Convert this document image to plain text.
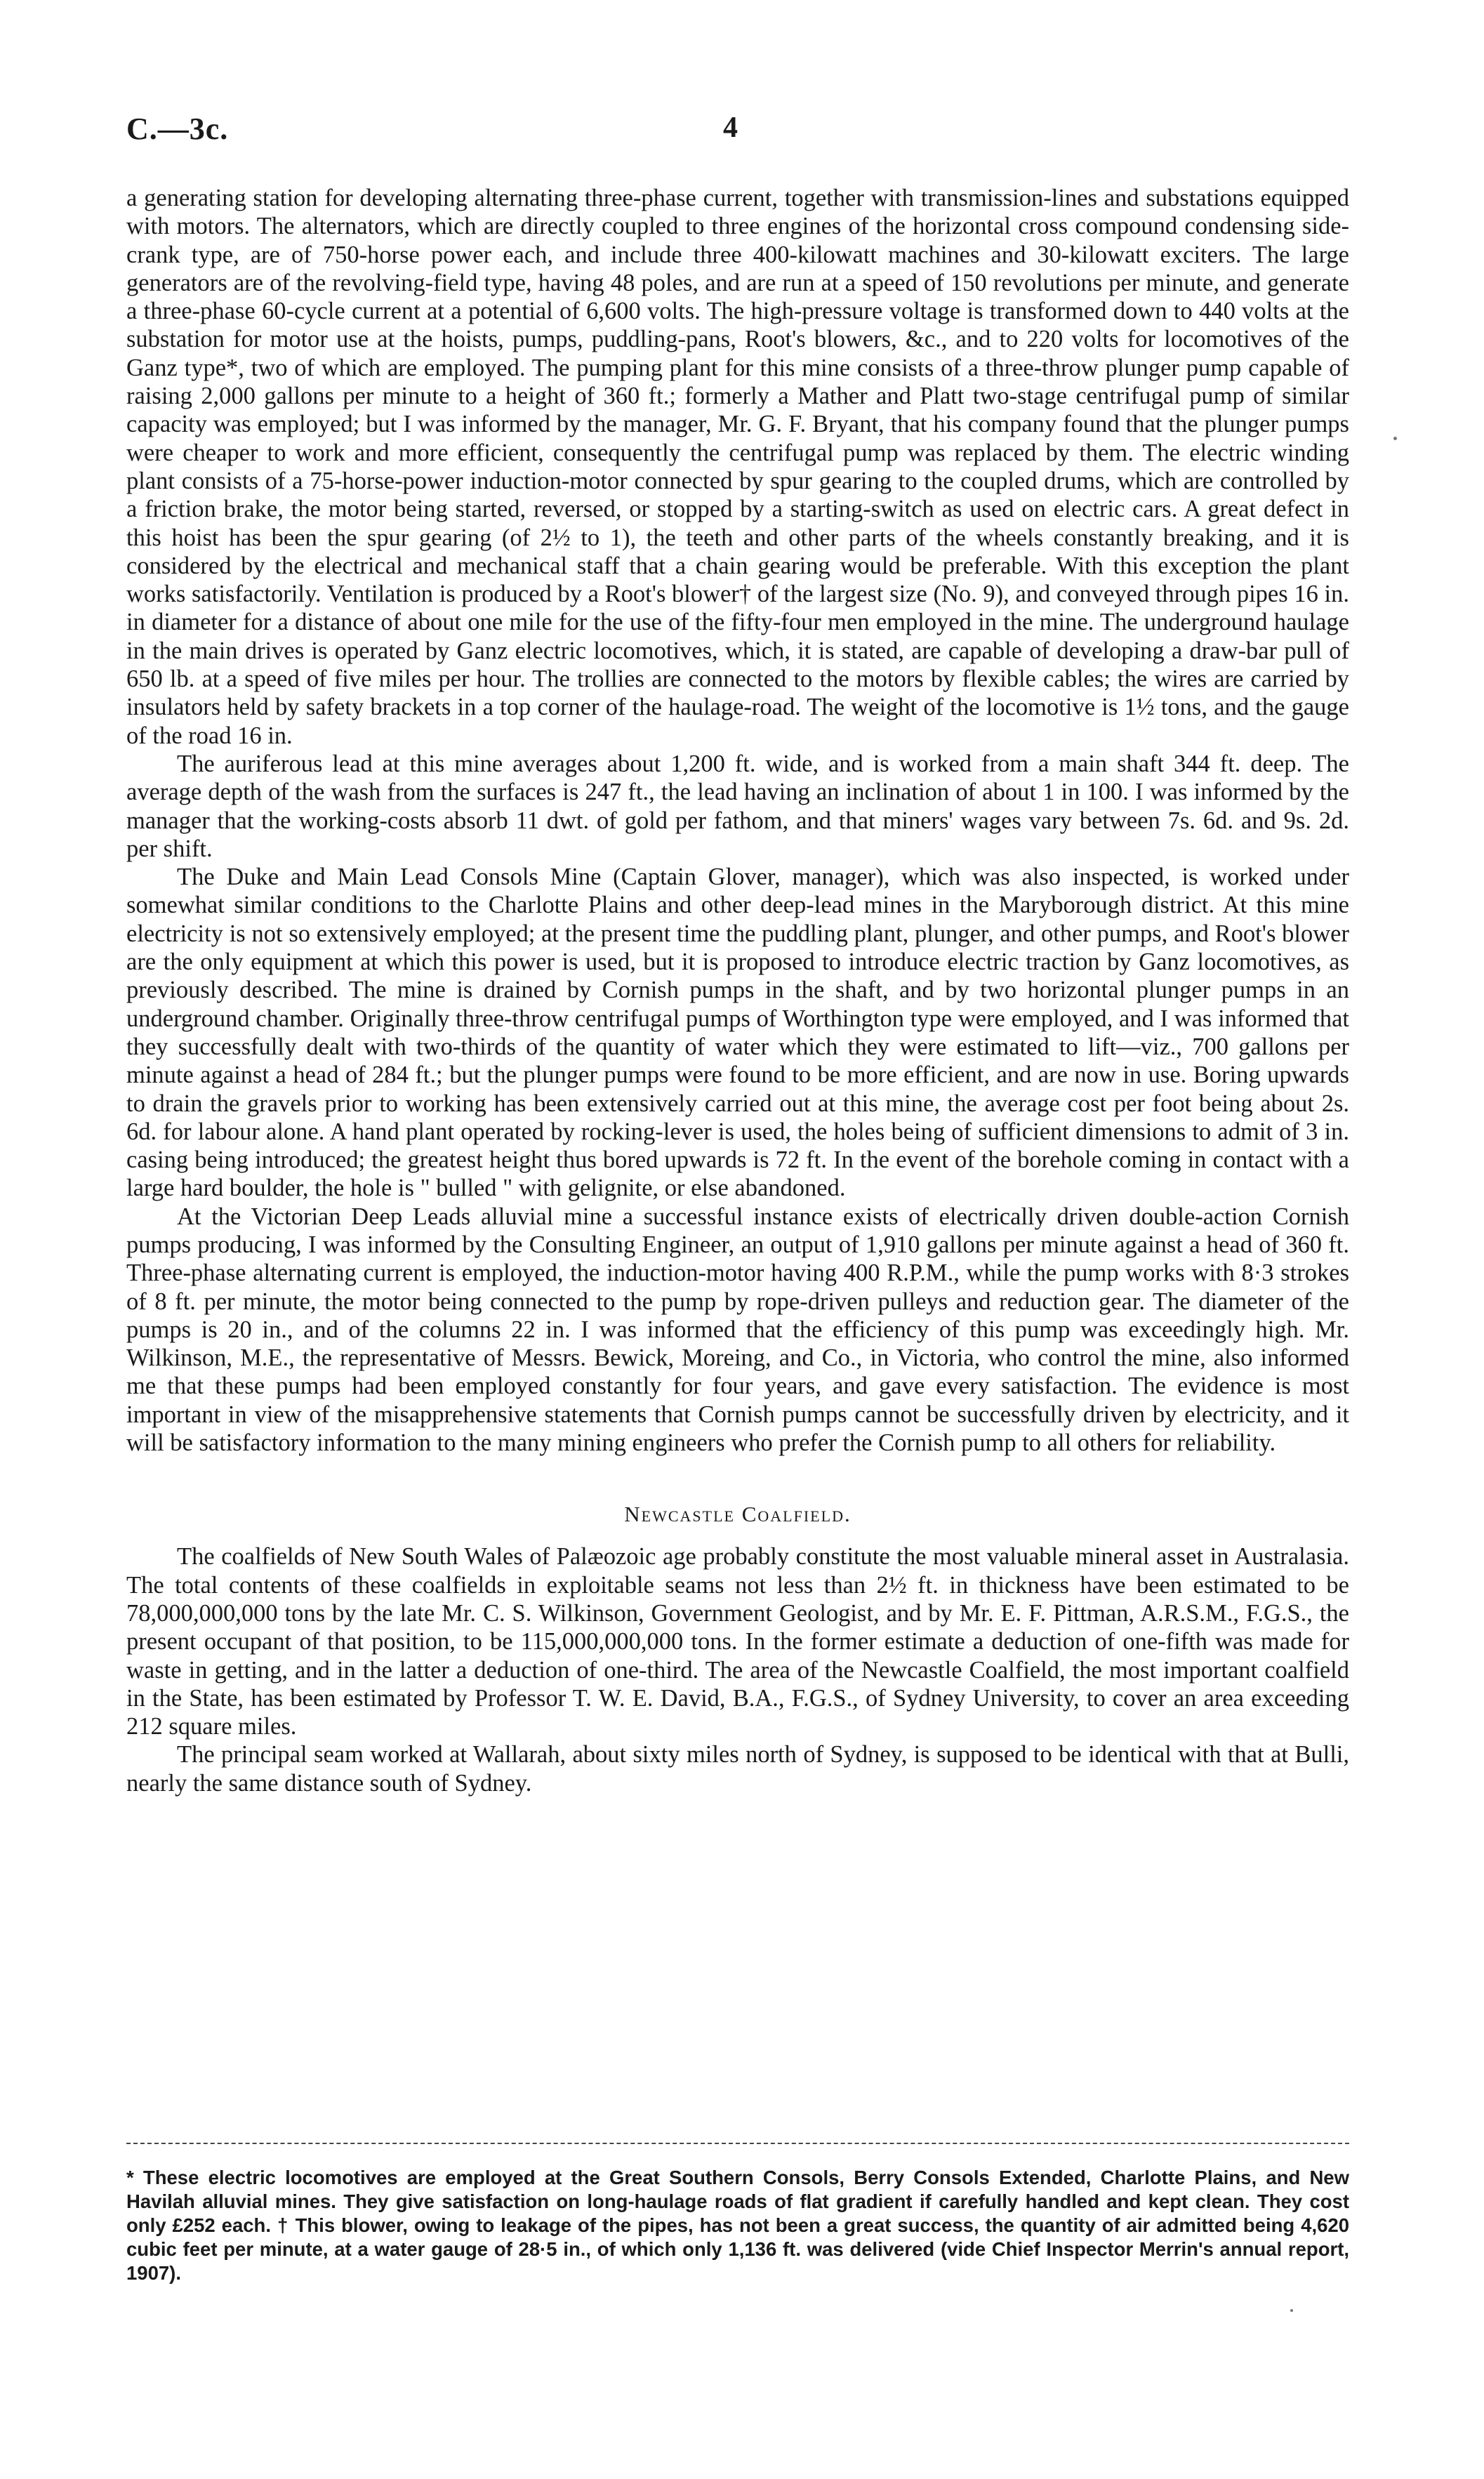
C.—3c.	4

a generating station for developing alternating three-phase current, together with transmission-lines and substations equipped with motors. The alternators, which are directly coupled to three engines of the horizontal cross compound condensing side-crank type, are of 750-horse power each, and include three 400-kilowatt machines and 30-kilowatt exciters. The large generators are of the revolving-field type, having 48 poles, and are run at a speed of 150 revolutions per minute, and generate a three-phase 60-cycle current at a potential of 6,600 volts. The high-pressure voltage is transformed down to 440 volts at the substation for motor use at the hoists, pumps, puddling-pans, Root's blowers, &c., and to 220 volts for locomotives of the Ganz type*, two of which are employed. The pumping plant for this mine consists of a three-throw plunger pump capable of raising 2,000 gallons per minute to a height of 360 ft.; formerly a Mather and Platt two-stage centrifugal pump of similar capacity was employed; but I was informed by the manager, Mr. G. F. Bryant, that his company found that the plunger pumps were cheaper to work and more efficient, consequently the centrifugal pump was replaced by them. The electric winding plant consists of a 75-horse-power induction-motor connected by spur gearing to the coupled drums, which are controlled by a friction brake, the motor being started, reversed, or stopped by a starting-switch as used on electric cars. A great defect in this hoist has been the spur gearing (of 2½ to 1), the teeth and other parts of the wheels constantly breaking, and it is considered by the electrical and mechanical staff that a chain gearing would be preferable. With this exception the plant works satisfactorily. Ventilation is produced by a Root's blower† of the largest size (No. 9), and conveyed through pipes 16 in. in diameter for a distance of about one mile for the use of the fifty-four men employed in the mine. The underground haulage in the main drives is operated by Ganz electric locomotives, which, it is stated, are capable of developing a draw-bar pull of 650 lb. at a speed of five miles per hour. The trollies are connected to the motors by flexible cables; the wires are carried by insulators held by safety brackets in a top corner of the haulage-road. The weight of the locomotive is 1½ tons, and the gauge of the road 16 in.

The auriferous lead at this mine averages about 1,200 ft. wide, and is worked from a main shaft 344 ft. deep. The average depth of the wash from the surfaces is 247 ft., the lead having an inclination of about 1 in 100. I was informed by the manager that the working-costs absorb 11 dwt. of gold per fathom, and that miners' wages vary between 7s. 6d. and 9s. 2d. per shift.

The Duke and Main Lead Consols Mine (Captain Glover, manager), which was also inspected, is worked under somewhat similar conditions to the Charlotte Plains and other deep-lead mines in the Maryborough district. At this mine electricity is not so extensively employed; at the present time the puddling plant, plunger, and other pumps, and Root's blower are the only equipment at which this power is used, but it is proposed to introduce electric traction by Ganz locomotives, as previously described. The mine is drained by Cornish pumps in the shaft, and by two horizontal plunger pumps in an underground chamber. Originally three-throw centrifugal pumps of Worthington type were employed, and I was informed that they successfully dealt with two-thirds of the quantity of water which they were estimated to lift—viz., 700 gallons per minute against a head of 284 ft.; but the plunger pumps were found to be more efficient, and are now in use. Boring upwards to drain the gravels prior to working has been extensively carried out at this mine, the average cost per foot being about 2s. 6d. for labour alone. A hand plant operated by rocking-lever is used, the holes being of sufficient dimensions to admit of 3 in. casing being introduced; the greatest height thus bored upwards is 72 ft. In the event of the borehole coming in contact with a large hard boulder, the hole is " bulled " with gelignite, or else abandoned.

At the Victorian Deep Leads alluvial mine a successful instance exists of electrically driven double-action Cornish pumps producing, I was informed by the Consulting Engineer, an output of 1,910 gallons per minute against a head of 360 ft. Three-phase alternating current is employed, the induction-motor having 400 R.P.M., while the pump works with 8·3 strokes of 8 ft. per minute, the motor being connected to the pump by rope-driven pulleys and reduction gear. The diameter of the pumps is 20 in., and of the columns 22 in. I was informed that the efficiency of this pump was exceedingly high. Mr. Wilkinson, M.E., the representative of Messrs. Bewick, Moreing, and Co., in Victoria, who control the mine, also informed me that these pumps had been employed constantly for four years, and gave every satisfaction. The evidence is most important in view of the misapprehensive statements that Cornish pumps cannot be successfully driven by electricity, and it will be satisfactory information to the many mining engineers who prefer the Cornish pump to all others for reliability.

Newcastle Coalfield.

The coalfields of New South Wales of Palæozoic age probably constitute the most valuable mineral asset in Australasia. The total contents of these coalfields in exploitable seams not less than 2½ ft. in thickness have been estimated to be 78,000,000,000 tons by the late Mr. C. S. Wilkinson, Government Geologist, and by Mr. E. F. Pittman, A.R.S.M., F.G.S., the present occupant of that position, to be 115,000,000,000 tons. In the former estimate a deduction of one-fifth was made for waste in getting, and in the latter a deduction of one-third. The area of the Newcastle Coalfield, the most important coalfield in the State, has been estimated by Professor T. W. E. David, B.A., F.G.S., of Sydney University, to cover an area exceeding 212 square miles.

The principal seam worked at Wallarah, about sixty miles north of Sydney, is supposed to be identical with that at Bulli, nearly the same distance south of Sydney.

* These electric locomotives are employed at the Great Southern Consols, Berry Consols Extended, Charlotte Plains, and New Havilah alluvial mines. They give satisfaction on long-haulage roads of flat gradient if carefully handled and kept clean. They cost only £252 each. † This blower, owing to leakage of the pipes, has not been a great success, the quantity of air admitted being 4,620 cubic feet per minute, at a water gauge of 28·5 in., of which only 1,136 ft. was delivered (vide Chief Inspector Merrin's annual report, 1907).
